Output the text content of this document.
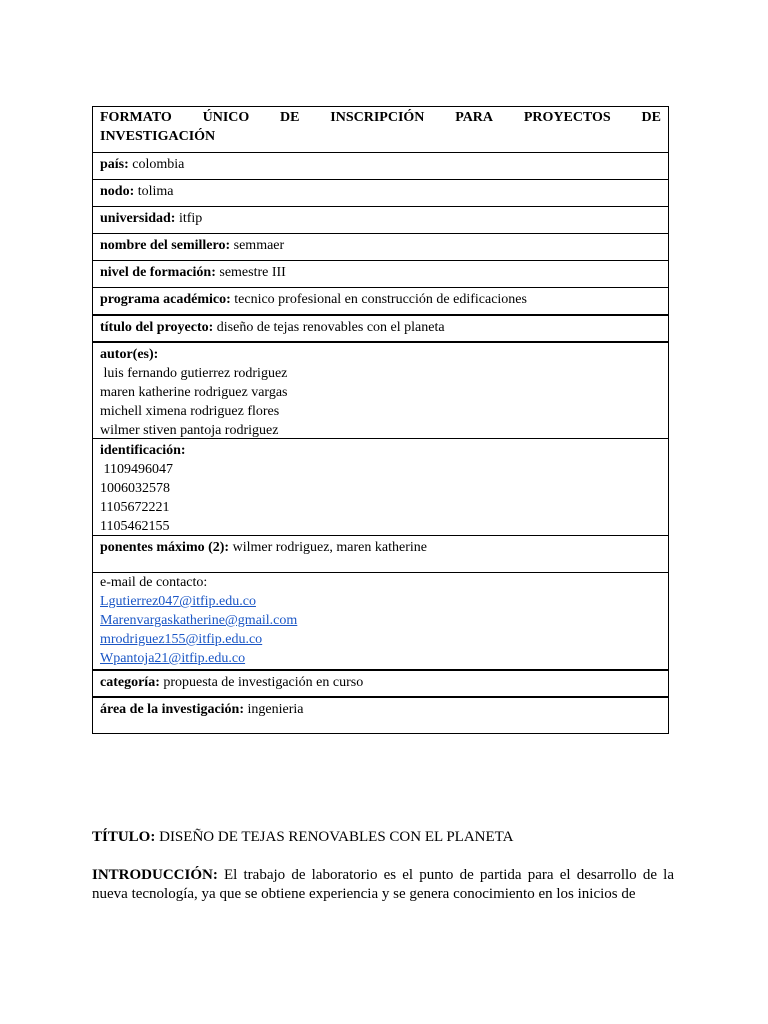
FORMATO ÚNICO DE INSCRIPCIÓN PARA PROYECTOS DE
INVESTIGACIÓN
país: colombia
nodo: tolima
universidad: itfip
nombre del semillero: semmaer
nivel de formación: semestre III
programa académico: tecnico profesional en construcción de edificaciones
título del proyecto: diseño de tejas renovables con el planeta
autor(es):
luis fernando gutierrez rodriguez
maren katherine rodriguez vargas
michell ximena rodriguez flores
wilmer stiven pantoja rodriguez
identificación:
1109496047
1006032578
1105672221
1105462155
ponentes máximo (2): wilmer rodriguez, maren katherine
e-mail de contacto:
Lgutierrez047@itfip.edu.co
Marenvargaskatherine@gmail.com
mrodriguez155@itfip.edu.co
Wpantoja21@itfip.edu.co
categoría: propuesta de investigación en curso
área de la investigación: ingenieria
TÍTULO: DISEÑO DE TEJAS RENOVABLES CON EL PLANETA
INTRODUCCIÓN: El trabajo de laboratorio es el punto de partida para el desarrollo de la nueva tecnología, ya que se obtiene experiencia y se genera conocimiento en los inicios de
